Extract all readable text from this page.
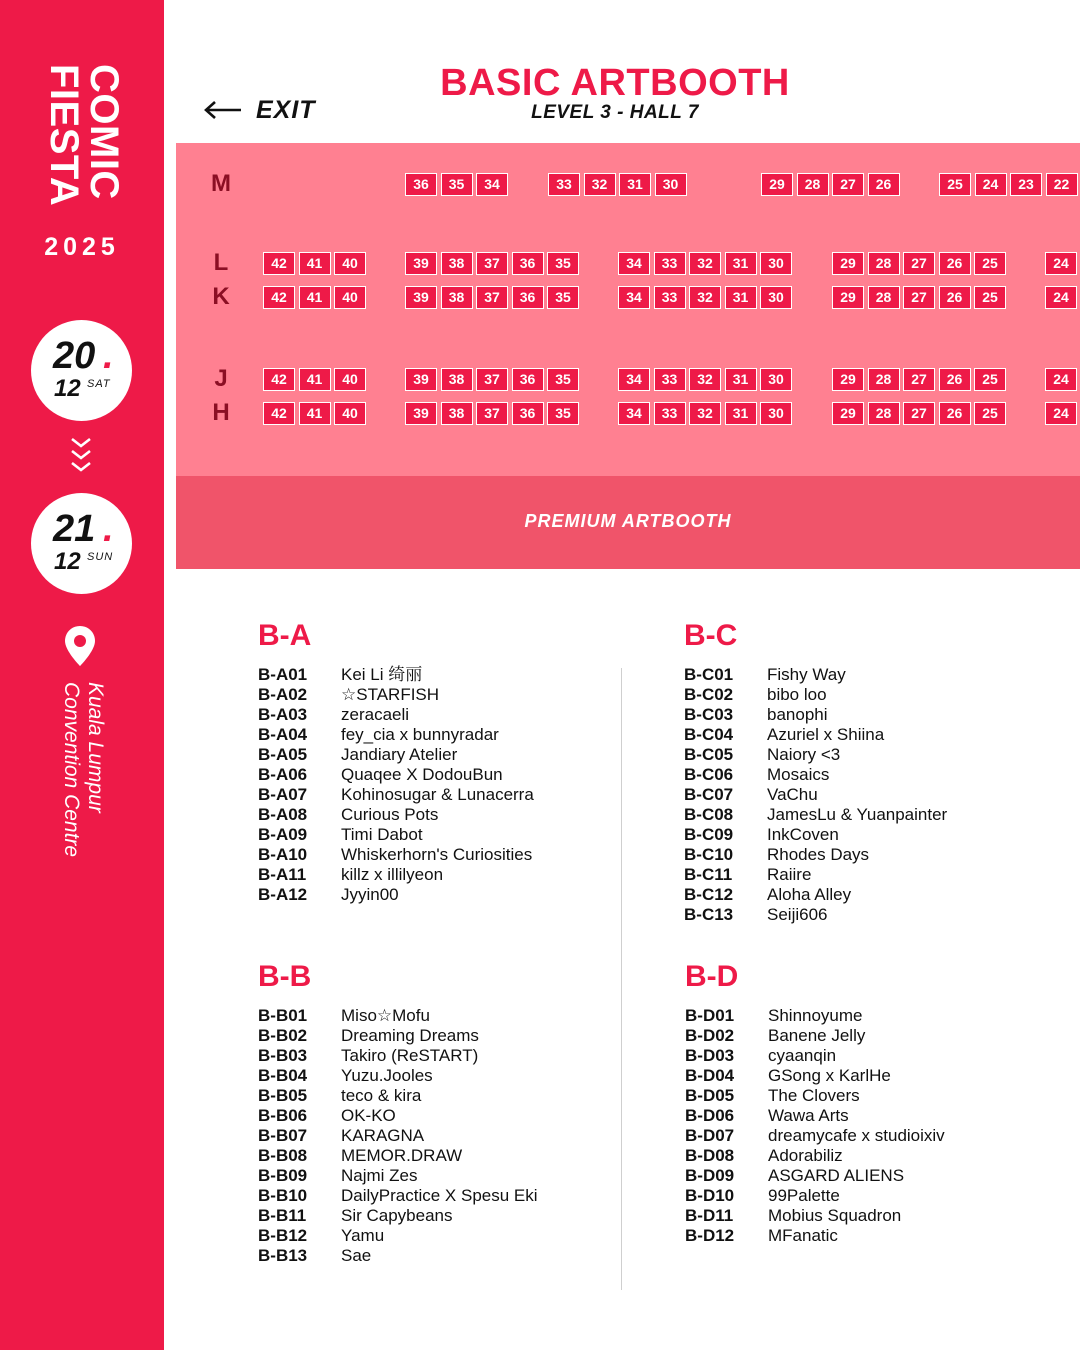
COMIC
FIESTA
2025
20 .
12 SAT
21 .
12 SUN
Kuala Lumpur
Convention Centre
EXIT
BASIC ARTBOOTH
LEVEL 3 - HALL 7
PREMIUM ARTBOOTH
M	36	35	34	33	32	31	30	29	28	27	26	25	24	23	22
L	42	41	40	39	38	37	36	35	34	33	32	31	30	29	28	27	26	25	24
K	42	41	40	39	38	37	36	35	34	33	32	31	30	29	28	27	26	25	24
J	42	41	40	39	38	37	36	35	34	33	32	31	30	29	28	27	26	25	24
H	42	41	40	39	38	37	36	35	34	33	32	31	30	29	28	27	26	25	24
B-A
B-A01 Kei Li 绮丽
B-A02 ☆STARFISH
B-A03 zeracaeli
B-A04 fey_cia x bunnyradar
B-A05 Jandiary Atelier
B-A06 Quaqee X DodouBun
B-A07 Kohinosugar & Lunacerra
B-A08 Curious Pots
B-A09 Timi Dabot
B-A10 Whiskerhorn's Curiosities
B-A11 killz x illilyeon
B-A12 Jyyin00
B-C
B-C01 Fishy Way
B-C02 bibo loo
B-C03 banophi
B-C04 Azuriel x Shiina
B-C05 Naiory <3
B-C06 Mosaics
B-C07 VaChu
B-C08 JamesLu & Yuanpainter
B-C09 InkCoven
B-C10 Rhodes Days
B-C11 Raiire
B-C12 Aloha Alley
B-C13 Seiji606
B-B
B-B01 Miso☆Mofu
B-B02 Dreaming Dreams
B-B03 Takiro (ReSTART)
B-B04 Yuzu.Jooles
B-B05 teco & kira
B-B06 OK-KO
B-B07 KARAGNA
B-B08 MEMOR.DRAW
B-B09 Najmi Zes
B-B10 DailyPractice X Spesu Eki
B-B11 Sir Capybeans
B-B12 Yamu
B-B13 Sae
B-D
B-D01 Shinnoyume
B-D02 Banene Jelly
B-D03 cyaanqin
B-D04 GSong x KarlHe
B-D05 The Clovers
B-D06 Wawa Arts
B-D07 dreamycafe x studioixiv
B-D08 Adorabiliz
B-D09 ASGARD ALIENS
B-D10 99Palette
B-D11 Mobius Squadron
B-D12 MFanatic
